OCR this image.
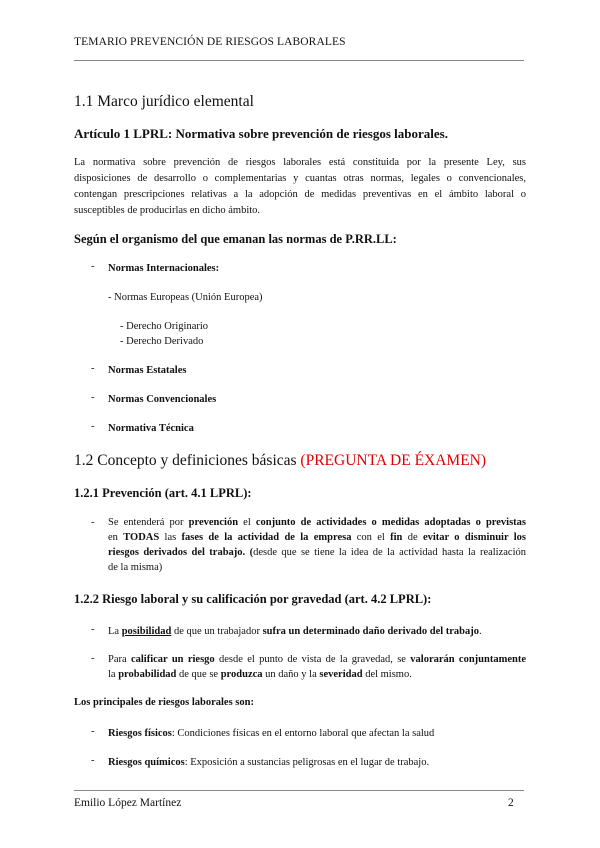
TEMARIO PREVENCIÓN DE RIESGOS LABORALES
1.1 Marco jurídico elemental
Artículo 1 LPRL: Normativa sobre prevención de riesgos laborales.
La normativa sobre prevención de riesgos laborales está constituida por la presente Ley, sus
disposiciones de desarrollo o complementarias y cuantas otras normas, legales o convencionales,
contengan prescripciones relativas a la adopción de medidas preventivas en el ámbito laboral o
susceptibles de producirlas en dicho ámbito.
Según el organismo del que emanan las normas de P.RR.LL:
- Normas Internacionales:
- Normas Europeas (Unión Europea)
- Derecho Originario
- Derecho Derivado
- Normas Estatales
- Normas Convencionales
- Normativa Técnica
1.2 Concepto y definiciones básicas (PREGUNTA DE ÉXAMEN)
1.2.1 Prevención (art. 4.1 LPRL):
- Se entenderá por prevención el conjunto de actividades o medidas adoptadas o previstas
en TODAS las fases de la actividad de la empresa con el fin de evitar o disminuir los
riesgos derivados del trabajo. (desde que se tiene la idea de la actividad hasta la realización
de la misma)
1.2.2 Riesgo laboral y su calificación por gravedad (art. 4.2 LPRL):
- La posibilidad de que un trabajador sufra un determinado daño derivado del trabajo.
- Para calificar un riesgo desde el punto de vista de la gravedad, se valorarán conjuntamente
la probabilidad de que se produzca un daño y la severidad del mismo.
Los principales de riesgos laborales son:
- Riesgos físicos: Condiciones físicas en el entorno laboral que afectan la salud
- Riesgos químicos: Exposición a sustancias peligrosas en el lugar de trabajo.
Emilio López Martínez	2
